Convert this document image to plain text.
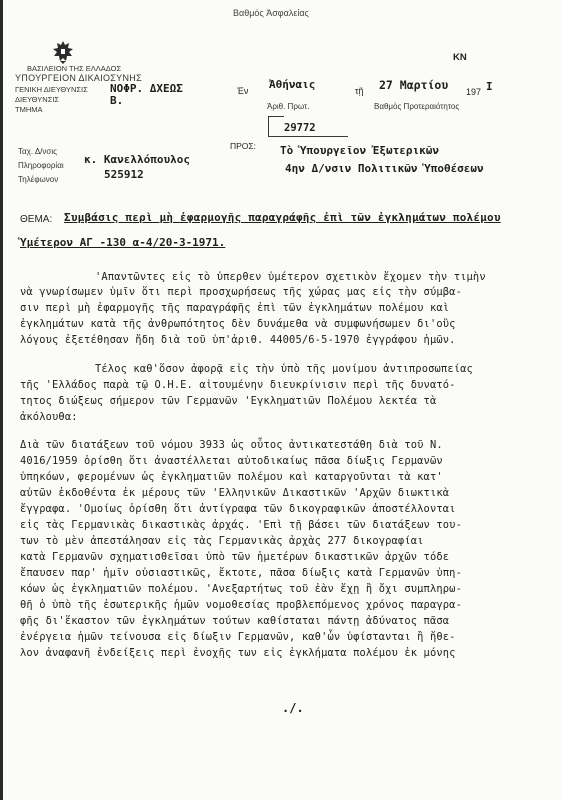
Βαθμός Ἀσφαλείας
ΚΝ
ΒΑΣΙΛΕΙΟΝ ΤΗΣ ΕΛΛΑΔΟΣ
ΥΠΟΥΡΓΕΙΟΝ ΔΙΚΑΙΟΣΥΝΗΣ
ΓΕΝΙΚΗ ΔΙΕΥΘΥΝΣΙΣ
ΔΙΕΥΘΥΝΣΙΣ
ΤΜΗΜΑ
ΝΟΦΡ. ΔΧΕΩΣ
Β.
Ἐν Ἀθήναις	τῇ 27 Μαρτίου 197 Ι
Ἀριθ. Πρωτ.	Βαθμὸς Προτεραιότητος
29772
Ταχ. Δ/νσις
Πληροφορίαι κ. Κανελλόπουλος
Τηλέφωνον	525912
ΠΡΟΣ: Τὸ Ὑπουργεῖον Ἐξωτερικῶν
4ην Δ/νσιν Πολιτικῶν Ὑποθέσεων
ΘΕΜΑ: Συμβάσις περὶ μὴ ἐφαρμογῆς παραγράφῆς ἐπὶ τῶν ἐγκλημάτων πολέμου
Ὑμέτερον ΑΓ -130 α-4/20-3-1971.
'Απαντῶντες εἰς τὸ ὑπερθεν ὑμέτερον σχετικὸν ἔχομεν τὴν τιμὴν
νὰ γνωρίσωμεν ὑμῖν ὅτι περὶ προσχωρήσεως τῆς χώρας μας εἰς τὴν σύμβα-
σιν περὶ μὴ ἐφαρμογῆς τῆς παραγράφῆς ἐπὶ τῶν ἐγκλημάτων πολέμου καὶ
ἐγκλημάτων κατὰ τῆς ἀνθρωπότητος δὲν δυνάμεθα νὰ συμφωνήσωμεν δι'οὓς
λόγους ἐξετέθησαν ἤδη διὰ τοῦ ὑπ'ἀριθ. 44005/6-5-1970 ἐγγράφου ἡμῶν.
Τέλος καθ'ὅσον ἀφορᾷ εἰς τὴν ὑπὸ τῆς μονίμου ἀντιπροσωπείας
τῆς 'Ελλάδος παρὰ τῷ Ο.Η.Ε. αἰτουμένην διευκρίνισιν περὶ τῆς δυνατό-
τητος διώξεως σήμερον τῶν Γερμανῶν 'Εγκληματιῶν Πολέμου λεκτέα τὰ
ἀκόλουθα:
Διὰ τῶν διατάξεων τοῦ νόμου 3933 ὡς οὗτος ἀντικατεστάθη διὰ τοῦ Ν.
4016/1959 ὁρίσθη ὅτι ἀναστέλλεται αὐτοδικαίως πᾶσα δίωξις Γερμανῶν
ὑπηκόων, φερομένων ὡς ἐγκληματιῶν πολέμου καὶ καταργοῦνται τὰ κατ'
αὐτῶν ἐκδοθέντα ἐκ μέρους τῶν 'Ελληνικῶν Δικαστικῶν 'Αρχῶν διωκτικὰ
ἔγγραφα. 'Ομοίως ὁρίσθη ὅτι ἀντίγραφα τῶν δικογραφικῶν ἀποστέλλονται
εἰς τὰς Γερμανικὰς δικαστικὰς ἀρχάς. 'Επὶ τῇ βάσει τῶν διατάξεων του-
των τὸ μὲν ἀπεστάλησαν εἰς τὰς Γερμανικὰς ἀρχὰς 277 δικογραφίαι
κατὰ Γερμανῶν σχηματισθεῖσαι ὑπὸ τῶν ἡμετέρων δικαστικῶν ἀρχῶν τόδε
ἔπαυσεν παρ' ἡμῖν οὐσιαστικῶς, ἔκτοτε, πᾶσα δίωξις κατὰ Γερμανῶν ὑπη-
κόων ὡς ἐγκληματιῶν πολέμου. 'Ανεξαρτήτως τοῦ ἐὰν ἔχῃ ἢ ὄχι συμπληρω-
θῆ ὁ ὑπὸ τῆς ἐσωτερικῆς ἡμῶν νομοθεσίας προβλεπόμενος χρόνος παραγρα-
φῆς δι'ἕκαστον τῶν ἐγκλημάτων τούτων καθίσταται πάντῃ ἀδύνατος πᾶσα
ἐνέργεια ἡμῶν τείνουσα εἰς δίωξιν Γερμανῶν, καθ'ὧν ὑφίστανται ἢ ἤθε-
λον ἀναφανῆ ἐνδείξεις περὶ ἐνοχῆς των εἰς ἐγκλήματα πολέμου ἐκ μόνης
./.
